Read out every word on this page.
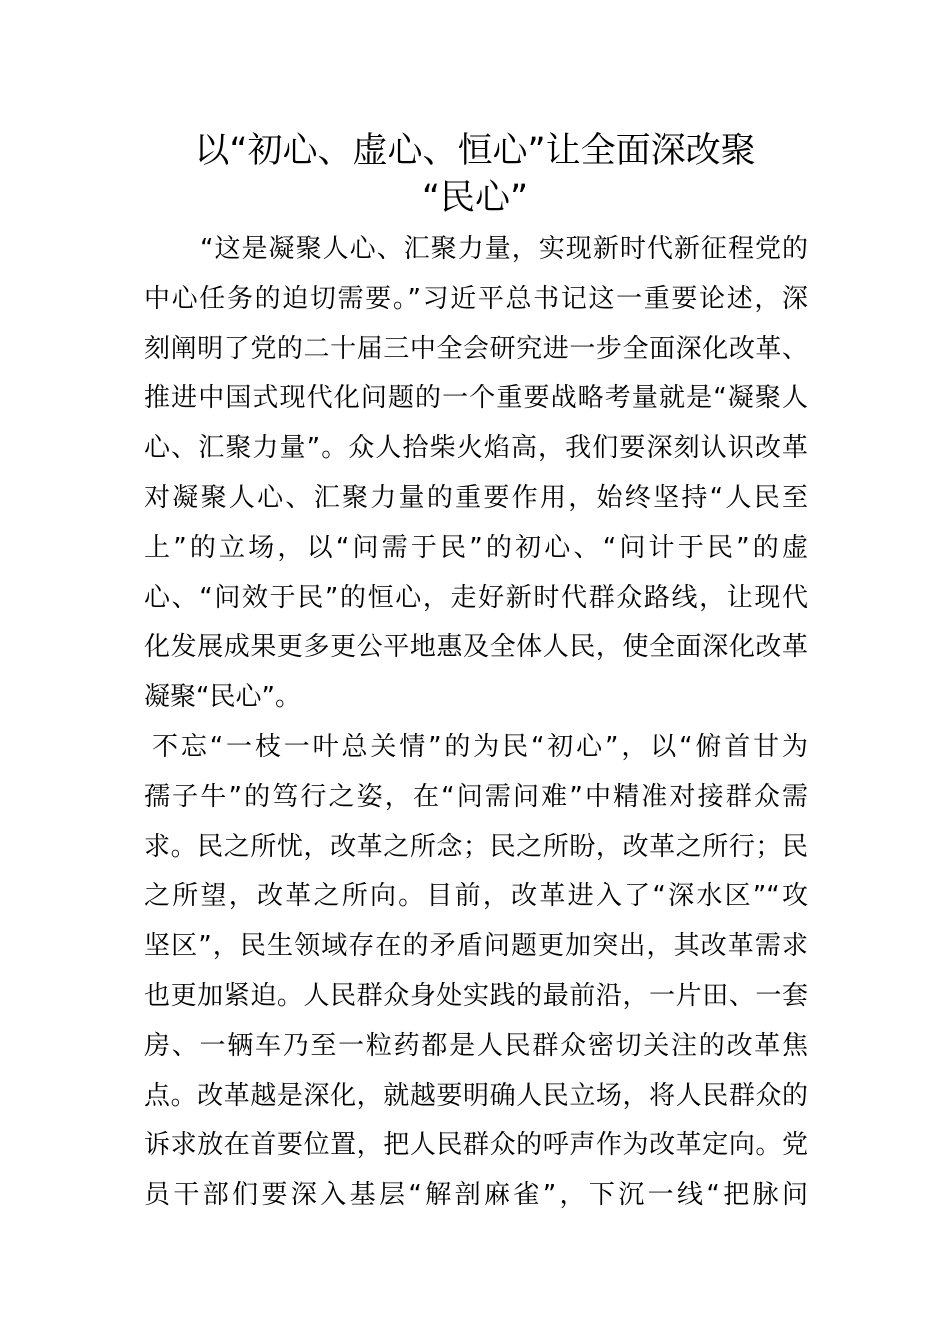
以“初心、虚心、恒心”让全面深改聚
“民心”
“这是凝聚人心、汇聚力量，实现新时代新征程党的
中心任务的迫切需要。”习近平总书记这一重要论述，深
刻阐明了党的二十届三中全会研究进一步全面深化改革、
推进中国式现代化问题的一个重要战略考量就是“凝聚人
心、汇聚力量”。众人拾柴火焰高，我们要深刻认识改革
对凝聚人心、汇聚力量的重要作用，始终坚持“人民至
上”的立场，以“问需于民”的初心、“问计于民”的虚
心、“问效于民”的恒心，走好新时代群众路线，让现代
化发展成果更多更公平地惠及全体人民，使全面深化改革
凝聚“民心”。
不忘“一枝一叶总关情”的为民“初心”，以“俯首甘为
孺子牛”的笃行之姿，在“问需问难”中精准对接群众需
求。民之所忧，改革之所念；民之所盼，改革之所行；民
之所望，改革之所向。目前，改革进入了“深水区”“攻
坚区”，民生领域存在的矛盾问题更加突出，其改革需求
也更加紧迫。人民群众身处实践的最前沿，一片田、一套
房、一辆车乃至一粒药都是人民群众密切关注的改革焦
点。改革越是深化，就越要明确人民立场，将人民群众的
诉求放在首要位置，把人民群众的呼声作为改革定向。党
员干部们要深入基层“解剖麻雀”，下沉一线“把脉问
